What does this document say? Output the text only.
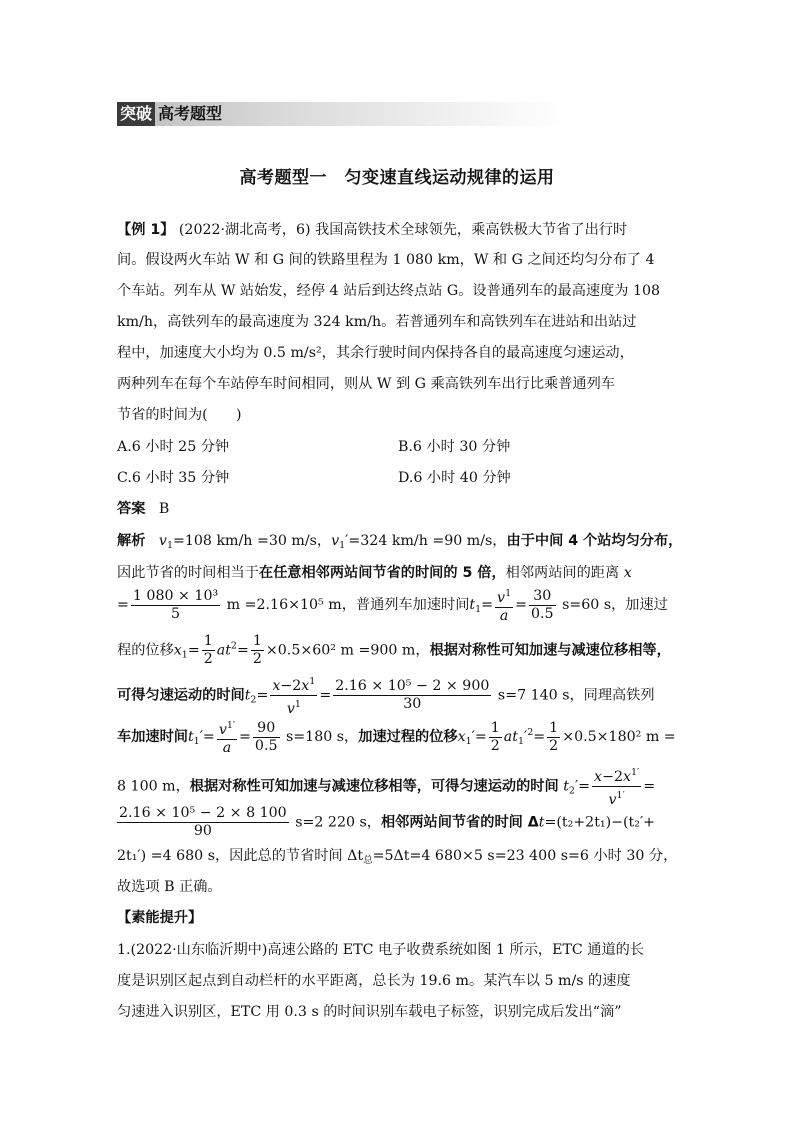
突破 高考题型
高考题型一　匀变速直线运动规律的运用
【例 1】 (2022·湖北高考，6) 我国高铁技术全球领先，乘高铁极大节省了出行时
间。假设两火车站 W 和 G 间的铁路里程为 1 080 km，W 和 G 之间还均匀分布了 4
个车站。列车从 W 站始发，经停 4 站后到达终点站 G。设普通列车的最高速度为 108
km/h，高铁列车的最高速度为 324 km/h。若普通列车和高铁列车在进站和出站过
程中，加速度大小均为 0.5 m/s²，其余行驶时间内保持各自的最高速度匀速运动，
两种列车在每个车站停车时间相同，则从 W 到 G 乘高铁列车出行比乘普通列车
节省的时间为(　　)
A.6 小时 25 分钟	B.6 小时 30 分钟
C.6 小时 35 分钟	D.6 小时 40 分钟
答案 B
解析 $v_1=108$ km/h =30 m/s，$v_1'=324$ km/h =90 m/s，由于中间 4 个站均匀分布，
因此节省的时间相当于在任意相邻两站间节省的时间的 5 倍，相邻两站间的距离 x
= $\frac{\text{1 080 × 10³}}{5}$ m =2.16×10⁵ m，普通列车加速时间$t_1= \frac{v^1}{a} = \frac{30}{0.5} s=60$ s，加速过
程的位移$x_1= \frac{1}{2} at^2= \frac{1}{2} \times 0.5\times 60^2$ m =900 m，根据对称性可知加速与减速位移相等，
可得匀速运动的时间$t_2= \frac{x-2x^1}{v^1} = \frac{\text{2.16 × 10⁵ − 2 × 900}}{30} s=7$ 140 s，同理高铁列
车加速时间$t_1'= \frac{v^{1'}}{a} = \frac{90}{0.5} s=180$ s，加速过程的位移$x_1'= \frac{1}{2} at_1'^2= \frac{1}{2} \times 0.5\times 180^2$ m =
8 100 m，根据对称性可知加速与减速位移相等，可得匀速运动的时间 $t_2'= \frac{x-2x^{1'}}{v^{1'}}$ =
$\frac{\text{2.16 × 10⁵ − 2 × 8 100}}{90} s=2$ 220 s，相邻两站间节省的时间 Δt=(t₂+2t₁)−(t₂′+
2t₁′) =4 680 s，因此总的节省时间 $\Delta t_总=5\Delta t=4$ 680×5 s=23 400 s=6 小时 30 分，
故选项 B 正确。
【素能提升】
1.(2022·山东临沂期中)高速公路的 ETC 电子收费系统如图 1 所示，ETC 通道的长
度是识别区起点到自动栏杆的水平距离，总长为 19.6 m。某汽车以 5 m/s 的速度
匀速进入识别区，ETC 用 0.3 s 的时间识别车载电子标签，识别完成后发出“滴”
